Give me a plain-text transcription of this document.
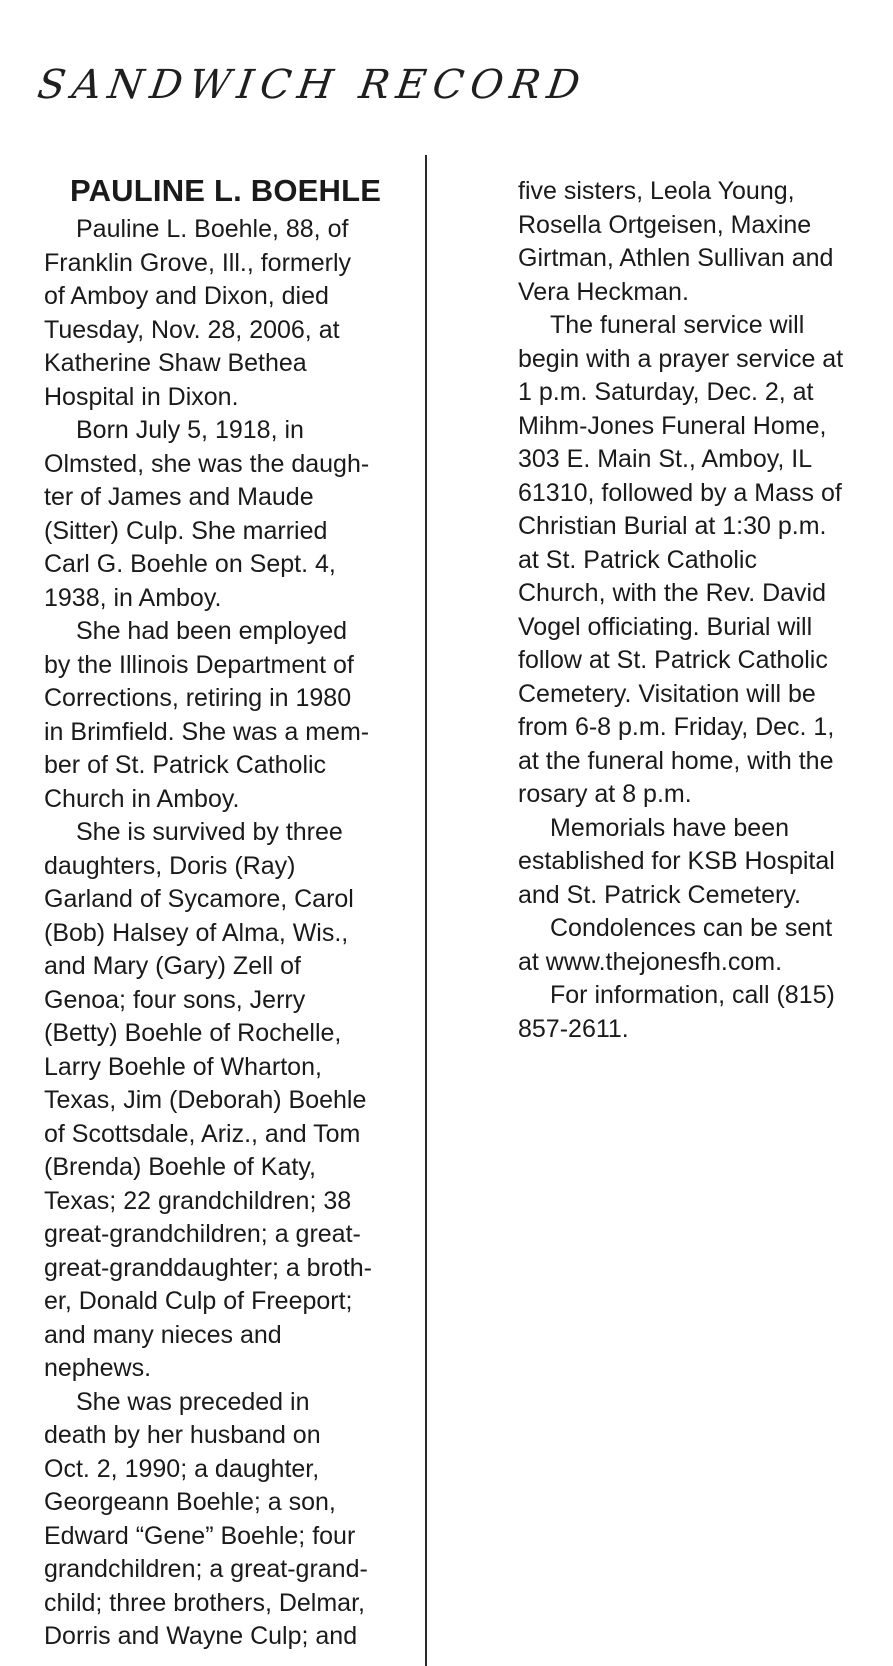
SANDWICH RECORD
PAULINE L. BOEHLE
Pauline L. Boehle, 88, of
Franklin Grove, Ill., formerly
of Amboy and Dixon, died
Tuesday, Nov. 28, 2006, at
Katherine Shaw Bethea
Hospital in Dixon.
Born July 5, 1918, in
Olmsted, she was the daugh-
ter of James and Maude
(Sitter) Culp. She married
Carl G. Boehle on Sept. 4,
1938, in Amboy.
She had been employed
by the Illinois Department of
Corrections, retiring in 1980
in Brimfield. She was a mem-
ber of St. Patrick Catholic
Church in Amboy.
She is survived by three
daughters, Doris (Ray)
Garland of Sycamore, Carol
(Bob) Halsey of Alma, Wis.,
and Mary (Gary) Zell of
Genoa; four sons, Jerry
(Betty) Boehle of Rochelle,
Larry Boehle of Wharton,
Texas, Jim (Deborah) Boehle
of Scottsdale, Ariz., and Tom
(Brenda) Boehle of Katy,
Texas; 22 grandchildren; 38
great-grandchildren; a great-
great-granddaughter; a broth-
er, Donald Culp of Freeport;
and many nieces and
nephews.
She was preceded in
death by her husband on
Oct. 2, 1990; a daughter,
Georgeann Boehle; a son,
Edward “Gene” Boehle; four
grandchildren; a great-grand-
child; three brothers, Delmar,
Dorris and Wayne Culp; and
five sisters, Leola Young,
Rosella Ortgeisen, Maxine
Girtman, Athlen Sullivan and
Vera Heckman.
The funeral service will
begin with a prayer service at
1 p.m. Saturday, Dec. 2, at
Mihm-Jones Funeral Home,
303 E. Main St., Amboy, IL
61310, followed by a Mass of
Christian Burial at 1:30 p.m.
at St. Patrick Catholic
Church, with the Rev. David
Vogel officiating. Burial will
follow at St. Patrick Catholic
Cemetery. Visitation will be
from 6-8 p.m. Friday, Dec. 1,
at the funeral home, with the
rosary at 8 p.m.
Memorials have been
established for KSB Hospital
and St. Patrick Cemetery.
Condolences can be sent
at www.thejonesfh.com.
For information, call (815)
857-2611.
